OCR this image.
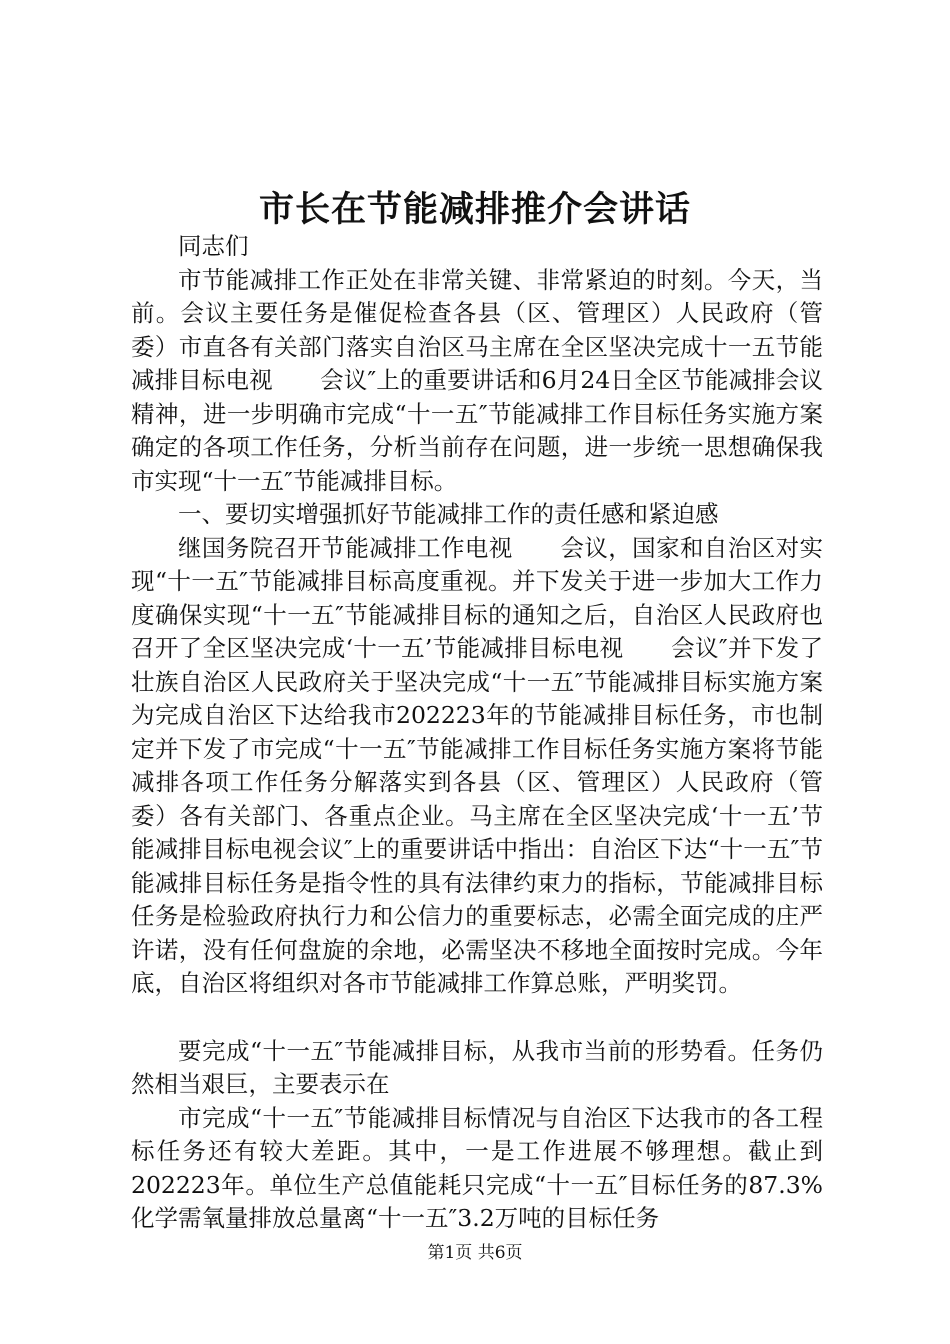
市长在节能减排推介会讲话

同志们

市节能减排工作正处在非常关键、非常紧迫的时刻。今天，当前。会议主要任务是催促检查各县（区、管理区）人民政府（管委）市直各有关部门落实自治区马主席在全区坚决完成十一五节能减排目标电视　　会议″上的重要讲话和6月24日全区节能减排会议精神，进一步明确市完成“十一五″节能减排工作目标任务实施方案确定的各项工作任务，分析当前存在问题，进一步统一思想确保我市实现“十一五″节能减排目标。

一、要切实增强抓好节能减排工作的责任感和紧迫感

继国务院召开节能减排工作电视　　会议，国家和自治区对实现“十一五″节能减排目标高度重视。并下发关于进一步加大工作力度确保实现“十一五″节能减排目标的通知之后，自治区人民政府也召开了全区坚决完成‘十一五’节能减排目标电视　　会议″并下发了壮族自治区人民政府关于坚决完成“十一五″节能减排目标实施方案为完成自治区下达给我市202223年的节能减排目标任务，市也制定并下发了市完成“十一五″节能减排工作目标任务实施方案将节能减排各项工作任务分解落实到各县（区、管理区）人民政府（管委）各有关部门、各重点企业。马主席在全区坚决完成‘十一五’节能减排目标电视会议″上的重要讲话中指出：自治区下达“十一五″节能减排目标任务是指令性的具有法律约束力的指标，节能减排目标任务是检验政府执行力和公信力的重要标志，必需全面完成的庄严许诺，没有任何盘旋的余地，必需坚决不移地全面按时完成。今年底，自治区将组织对各市节能减排工作算总账，严明奖罚。

要完成“十一五″节能减排目标，从我市当前的形势看。任务仍然相当艰巨，主要表示在

市完成“十一五″节能减排目标情况与自治区下达我市的各工程标任务还有较大差距。其中，一是工作进展不够理想。截止到202223年。单位生产总值能耗只完成“十一五″目标任务的87.3%化学需氧量排放总量离“十一五″3.2万吨的目标任务

第1页 共6页
